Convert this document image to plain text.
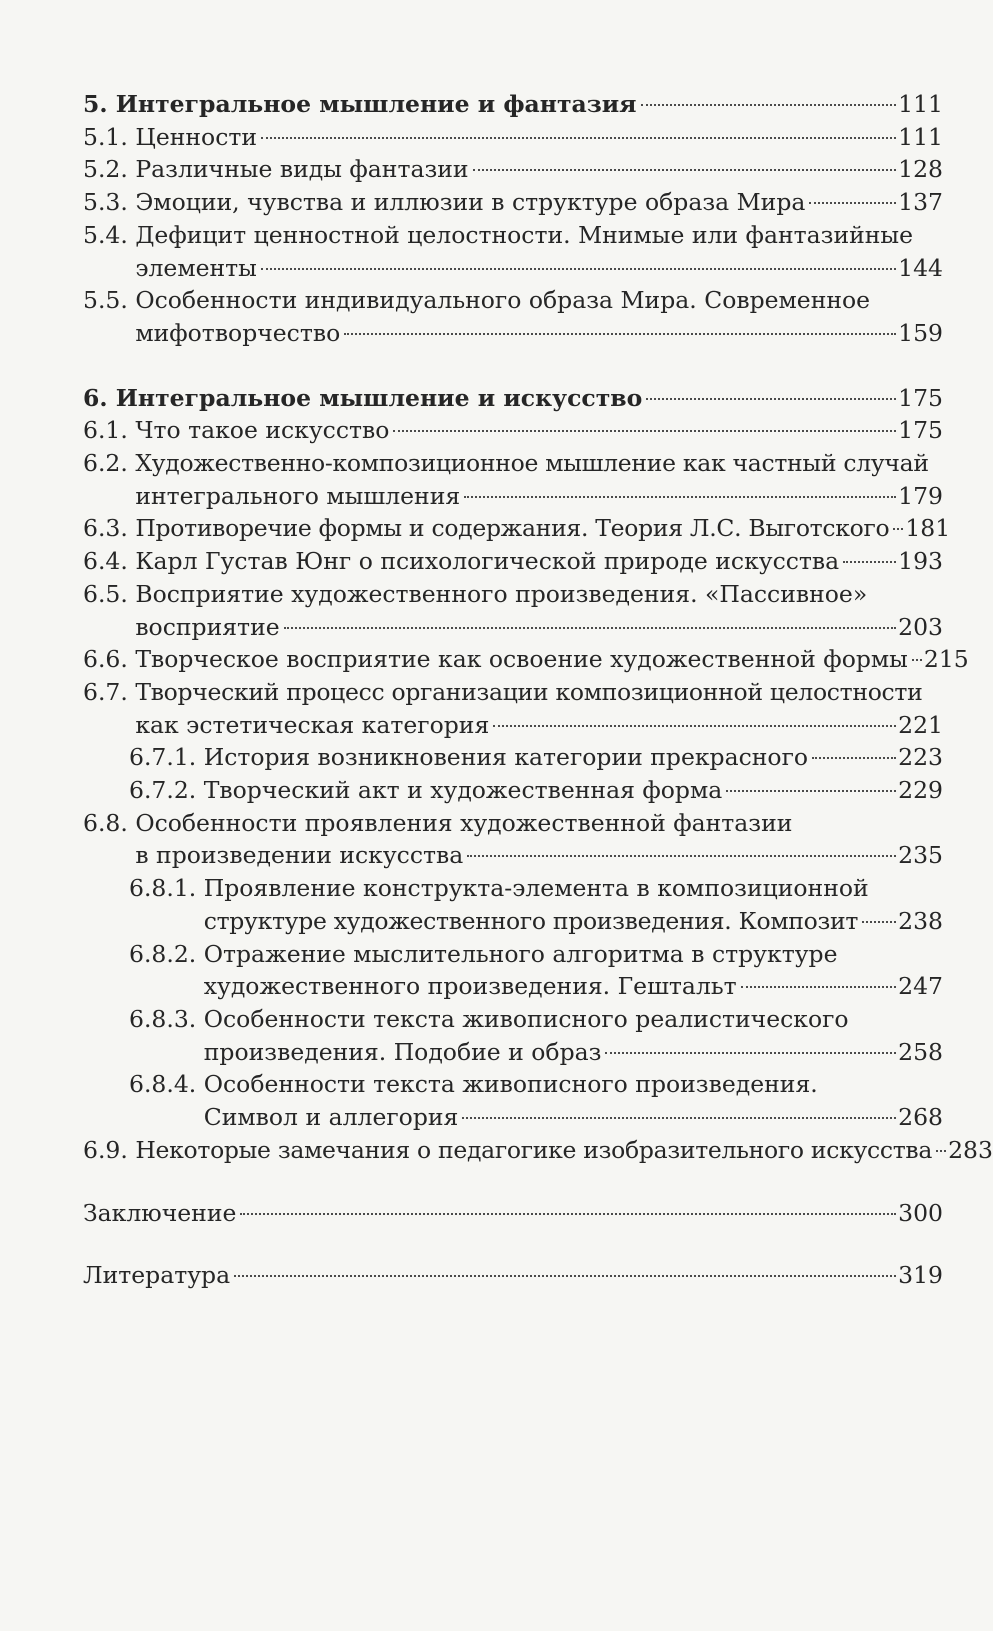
5. Интегральное мышление и фантазия	111
5.1.
Ценности	111
5.2.
Различные виды фантазии	128
5.3.
Эмоции, чувства и иллюзии в структуре образа Мира	137
5.4.
Дефицит ценностной целостности. Мнимые или фантазийные
элементы	144
5.5.
Особенности индивидуального образа Мира. Современное
мифотворчество	159
6. Интегральное мышление и искусство	175
6.1.
Что такое искусство	175
6.2.
Художественно-композиционное мышление как частный случай
интегрального мышления	179
6.3.
Противоречие формы и содержания. Теория Л.С. Выготского 181
6.4.
Карл Густав Юнг о психологической природе искусства	193
6.5.
Восприятие художественного произведения. «Пассивное»
восприятие	203
6.6.
Творческое восприятие как освоение художественной формы 215
6.7.
Творческий процесс организации композиционной целостности
как эстетическая категория	221
6.7.1.
История возникновения категории прекрасного	223
6.7.2.
Творческий акт и художественная форма	229
6.8.
Особенности проявления художественной фантазии
в произведении искусства	235
6.8.1.
Проявление конструкта-элемента в композиционной
структуре художественного произведения. Композит 238
6.8.2.
Отражение мыслительного алгоритма в структуре
художественного произведения. Гештальт	247
6.8.3.
Особенности текста живописного реалистического
произведения. Подобие и образ	258
6.8.4.
Особенности текста живописного произведения.
Символ и аллегория	268
6.9.
Некоторые замечания о педагогике изобразительного искусства 283
Заключение	300
Литература	319
